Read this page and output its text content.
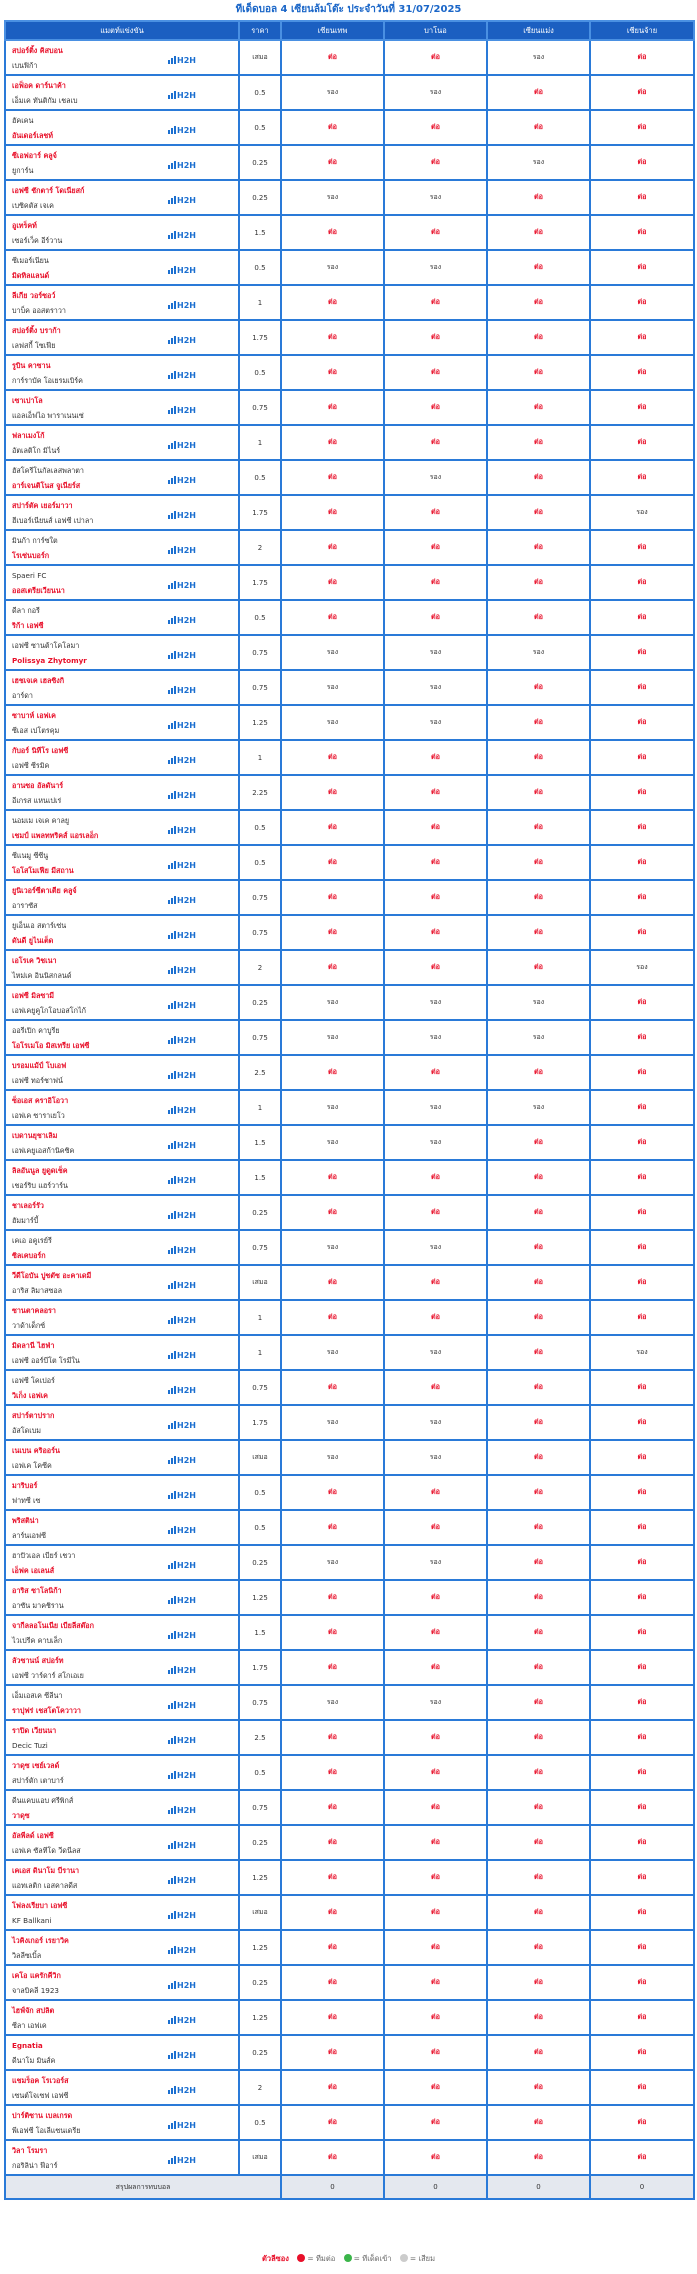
ทีเด็ดบอล 4 เซียนล้มโต๊ะ ประจำวันที่ 31/07/2025
แมตท์แข่งขัน	ราคา	เซียนเทพ	บาโนอ	เซียนแม่ง	เซียนจ้าย

สปอร์ติ้ง คิสบอน
เบนฟิก้า H2H	เสมอ	ต่อ	ต่อ	รอง	ต่อ

เอฟ็อค ดาร์นาค้า
เอ็มเค ทันติกัม เชลเบ H2H	0.5	รอง	รอง	ต่อ	ต่อ

ฮัคเคน
อันเดอร์เลชท์ H2H	0.5	ต่อ	ต่อ	ต่อ	ต่อ

ซีเอฟอาร์ คลูจ์
ยูการ์น H2H	0.25	ต่อ	ต่อ	รอง	ต่อ

เอฟซี ชักตาร์ โดเนียสก์
เบซิคตัส เจเค H2H	0.25	รอง	รอง	ต่อ	ต่อ

อูเทร็คท์
เซอร์เว็ค อีร์วาน H2H	1.5	ต่อ	ต่อ	ต่อ	ต่อ

ซีเมอร์เนียน
มิดทิลแลนด์ H2H	0.5	รอง	รอง	ต่อ	ต่อ

ลีเกีย วอร์ซอว์
บาบ็ค ออสตราวา H2H	1	ต่อ	ต่อ	ต่อ	ต่อ

สปอร์ติ้ง บราก้า
เลฟสกี้ โซเฟีย H2H	1.75	ต่อ	ต่อ	ต่อ	ต่อ

รูบิน คาซาน
การ์ราบัค โอเยรมเบิร์ค H2H	0.5	ต่อ	ต่อ	ต่อ	ต่อ

เซาเปาโล
แอลเอ็ฟไอ พาราเนนเซ่ H2H	0.75	ต่อ	ต่อ	ต่อ	ต่อ

ฟลาเมงโก้
อัตเลติโก มิไนร์ H2H	1	ต่อ	ต่อ	ต่อ	ต่อ

ฮัสโครีโนกัลเลสพลาตา
อาร์เจนติโนส จูเนียร์ส H2H	0.5	ต่อ	รอง	ต่อ	ต่อ

สปาร์ตัค เยอร์มาวา
ฮีเบอร์เนียนส์ เอฟซี เปาลา H2H	1.75	ต่อ	ต่อ	ต่อ	รอง

มินก้า การ์ซใต
โรเซ่นบอร์ก H2H	2	ต่อ	ต่อ	ต่อ	ต่อ

Spaeri FC
ออสเตรียเวียนนา H2H	1.75	ต่อ	ต่อ	ต่อ	ต่อ

ดีลา กอรี
ริก้า เอฟซี H2H	0.5	ต่อ	ต่อ	ต่อ	ต่อ

เอฟซี ซานต้าโคโลมา
Polissya Zhytomyr H2H	0.75	รอง	รอง	รอง	ต่อ

เฮชเจเค เฮลซิงกิ
อาร์ดา H2H	0.75	รอง	รอง	ต่อ	ต่อ

ซาบาห์ เอฟเค
ซีเอส เปโตรคุม H2H	1.25	รอง	รอง	ต่อ	ต่อ

กับอร์ นิทีโร เอฟซี
เอฟซี ซีรมิค H2H	1	ต่อ	ต่อ	ต่อ	ต่อ

อานซอ อัลดันาร์
อีเกรส แหนเปเร่ H2H	2.25	ต่อ	ต่อ	ต่อ	ต่อ

นอมเม เจเค คาลยู
เชมป์ แพลททริคส์ แอรเลอ็ก H2H	0.5	ต่อ	ต่อ	ต่อ	ต่อ

ซีแนมู ซีซีนู
โอโสโมเฟีย มีสถาน H2H	0.5	ต่อ	ต่อ	ต่อ	ต่อ

ยูนิเวอร์ซีตาเตีย คลูจ์
อาราซัส H2H	0.75	ต่อ	ต่อ	ต่อ	ต่อ

ยูเอ็นเอ สตาร์เซ่น
ดันดี ยูไนเต็ด H2H	0.75	ต่อ	ต่อ	ต่อ	ต่อ

เอโรเค วิชเนา
ไหม่เค อินนิสกลนด์ H2H	2	ต่อ	ต่อ	ต่อ	รอง

เอฟซี มิลซามี
เอฟเคยูคูโกโอบอสโกไก้ H2H	0.25	รอง	รอง	รอง	ต่อ

ออรีเปิก คาบูรีย
โอโรเมโอ มิสเทรีย เอฟซี H2H	0.75	รอง	รอง	รอง	ต่อ

บรอมแม้ป์ โบเอฟ
เอฟซี ทอร์ชาฟน์ H2H	2.5	ต่อ	ต่อ	ต่อ	ต่อ

ซ็อเอส คราอิโอวา
เอฟเค ซาราเยโว H2H	1	รอง	รอง	รอง	ต่อ

เบดานยุชาเลิม
เอฟเคยูเอสก้านิคซิค H2H	1.5	รอง	รอง	ต่อ	ต่อ

ลิลอันนูล ยูดูดเช็ค
เชอร์ริบ แฮร์วาร์น H2H	1.5	ต่อ	ต่อ	ต่อ	ต่อ

ชาเลอร์รัว
ฮัมมาร์บี้ H2H	0.25	ต่อ	ต่อ	ต่อ	ต่อ

เคเอ อคูเรย์รี
ซิลเคบอร์ก H2H	0.75	รอง	รอง	ต่อ	ต่อ

วีดีโอบัน ปูชตัซ อะคาเดมี
อาริส ลิมาสซอล H2H	เสมอ	ต่อ	ต่อ	ต่อ	ต่อ

ซานตาคลอรา
วาด้าเด็กซ์ H2H	1	ต่อ	ต่อ	ต่อ	ต่อ

มิดลานี ไฮฟ่า
เอฟซี ออร์บีโต โรมีใน H2H	1	รอง	รอง	ต่อ	รอง

เอฟซี โคเปอร์
วิเก็ง เอฟเค H2H	0.75	ต่อ	ต่อ	ต่อ	ต่อ

สปาร์ตาปราก
อัสโดเบม H2H	1.75	รอง	รอง	ต่อ	ต่อ

เนเบน คริออร์น
เอฟเค โคซีค H2H	เสมอ	รอง	รอง	ต่อ	ต่อ

มาริบอร์
ฟาทซี เซ H2H	0.5	ต่อ	ต่อ	ต่อ	ต่อ

พริสติน่า
ลาร์นเอฟซี H2H	0.5	ต่อ	ต่อ	ต่อ	ต่อ

ฮาปัวเอล เบียร์ เชวา
เอ็ฟค เอเลนส์ H2H	0.25	รอง	รอง	ต่อ	ต่อ

อาริส ซาโลนิก้า
อาซัน มาคชิราน H2H	1.25	ต่อ	ต่อ	ต่อ	ต่อ

จากีลลอโนเนีย เบียลีสต๊อก
ไวเปรีค คาบเล็ก H2H	1.5	ต่อ	ต่อ	ต่อ	ต่อ

ลัวซานน์ สปอร์ท
เอฟซี วาร์ดาร์ สโกเอเย H2H	1.75	ต่อ	ต่อ	ต่อ	ต่อ

เอ็มเอสเค ซีลีนา
ราปุฟร่ เชสโตโควาวา H2H	0.75	รอง	รอง	ต่อ	ต่อ

ราปิด เวียนนา
Decic Tuzi H2H	2.5	ต่อ	ต่อ	ต่อ	ต่อ

วาดุซ เซย์เวลด์
สปาร์ตัก เตาบาร์ H2H	0.5	ต่อ	ต่อ	ต่อ	ต่อ

ดีนแคบแอบ ศรีพิกส์
วาดุซ H2H	0.75	ต่อ	ต่อ	ต่อ	ต่อ

อัลพีลด์ เอฟซี
เอฟเค ซัลทีโด วีดนีลส H2H	0.25	ต่อ	ต่อ	ต่อ	ต่อ

เคเอส ดินาโม บีรานา
แอทเลติก เอสคาลดีส H2H	1.25	ต่อ	ต่อ	ต่อ	ต่อ

โฟลงเรียบา เอฟซี
KF Ballkani H2H	เสมอ	ต่อ	ต่อ	ต่อ	ต่อ

ไวคิงเกอร์ เรยาวิค
วิลลีซเบิ้ล H2H	1.25	ต่อ	ต่อ	ต่อ	ต่อ

เคโอ แครักคีวิก
จาลบิคลี 1923 H2H	0.25	ต่อ	ต่อ	ต่อ	ต่อ

ไฮฟ์จัก สปลิต
ซีลา เอฟเค H2H	1.25	ต่อ	ต่อ	ต่อ	ต่อ

Egnatia
ดีนาโม มินส์ค H2H	0.25	ต่อ	ต่อ	ต่อ	ต่อ

แชมร็อค โรเวอร์ส
เซนต์โจเซฟ เอฟซี H2H	2	ต่อ	ต่อ	ต่อ	ต่อ

ปาร์ติซาน เบลเกรด
พีเอฟซี โอเลีแซนเดรีย H2H	0.5	ต่อ	ต่อ	ต่อ	ต่อ

วิลา โรมรา
กอริลิน่า ฟีอาร์ H2H	เสมอ	ต่อ	ต่อ	ต่อ	ต่อ
สรุปผลการทบบอล		0	0	0	0
ตัวลีซอง = ทีมต่อ = ทีเด็ดเข้า = เสียม
